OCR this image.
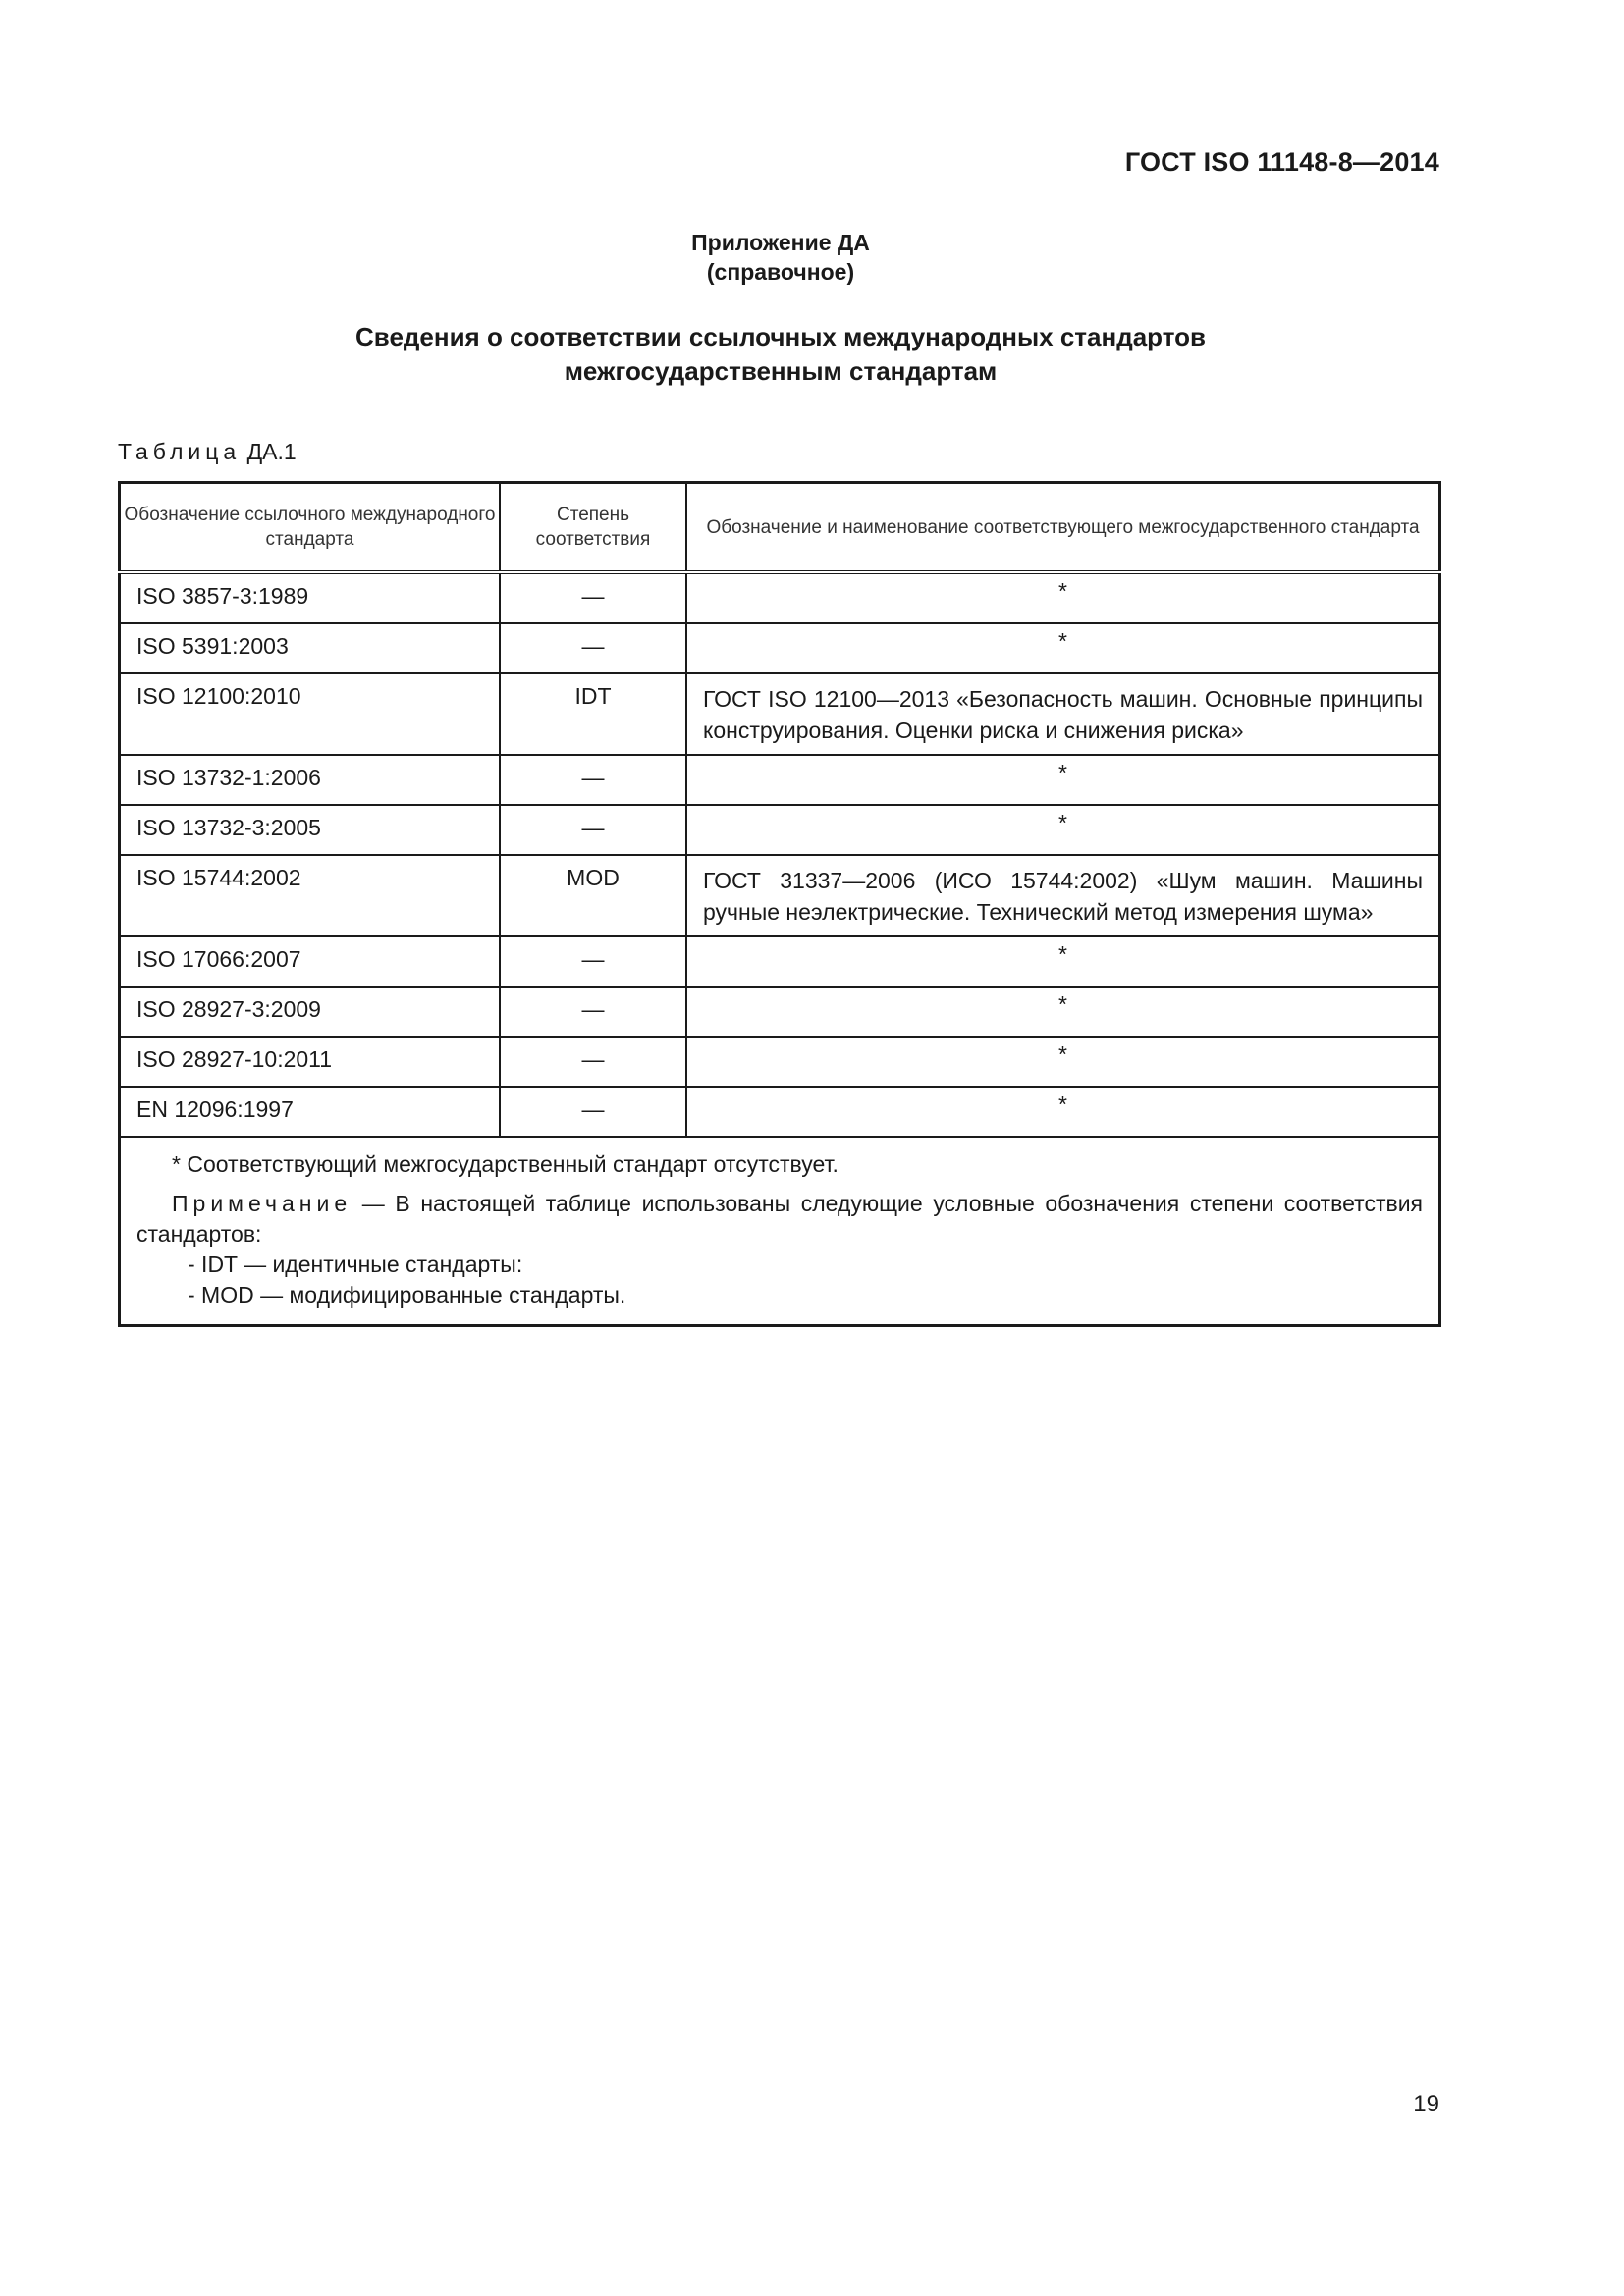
ГОСТ ISO 11148-8—2014
Приложение ДА
(справочное)
Сведения о соответствии ссылочных международных стандартов
межгосударственным стандартам
Таблица ДА.1
Обозначение ссылочного международного стандарта	Степень соответствия	Обозначение и наименование соответствующего межгосударственного стандарта
ISO 3857-3:1989	—	*
ISO 5391:2003	—	*
ISO 12100:2010	IDT	ГОСТ ISO 12100—2013 «Безопасность машин. Основные принципы конструирования. Оценки риска и снижения риска»
ISO 13732-1:2006	—	*
ISO 13732-3:2005	—	*
ISO 15744:2002	MOD	ГОСТ 31337—2006 (ИСО 15744:2002) «Шум машин. Машины ручные неэлектрические. Технический метод измерения шума»
ISO 17066:2007	—	*
ISO 28927-3:2009	—	*
ISO 28927-10:2011	—	*
EN 12096:1997	—	*

* Соответствующий межгосударственный стандарт отсутствует.

Примечание — В настоящей таблице использованы следующие условные обозначения степени соответствия стандартов:

- IDT — идентичные стандарты:

- MOD — модифицированные стандарты.		

19
